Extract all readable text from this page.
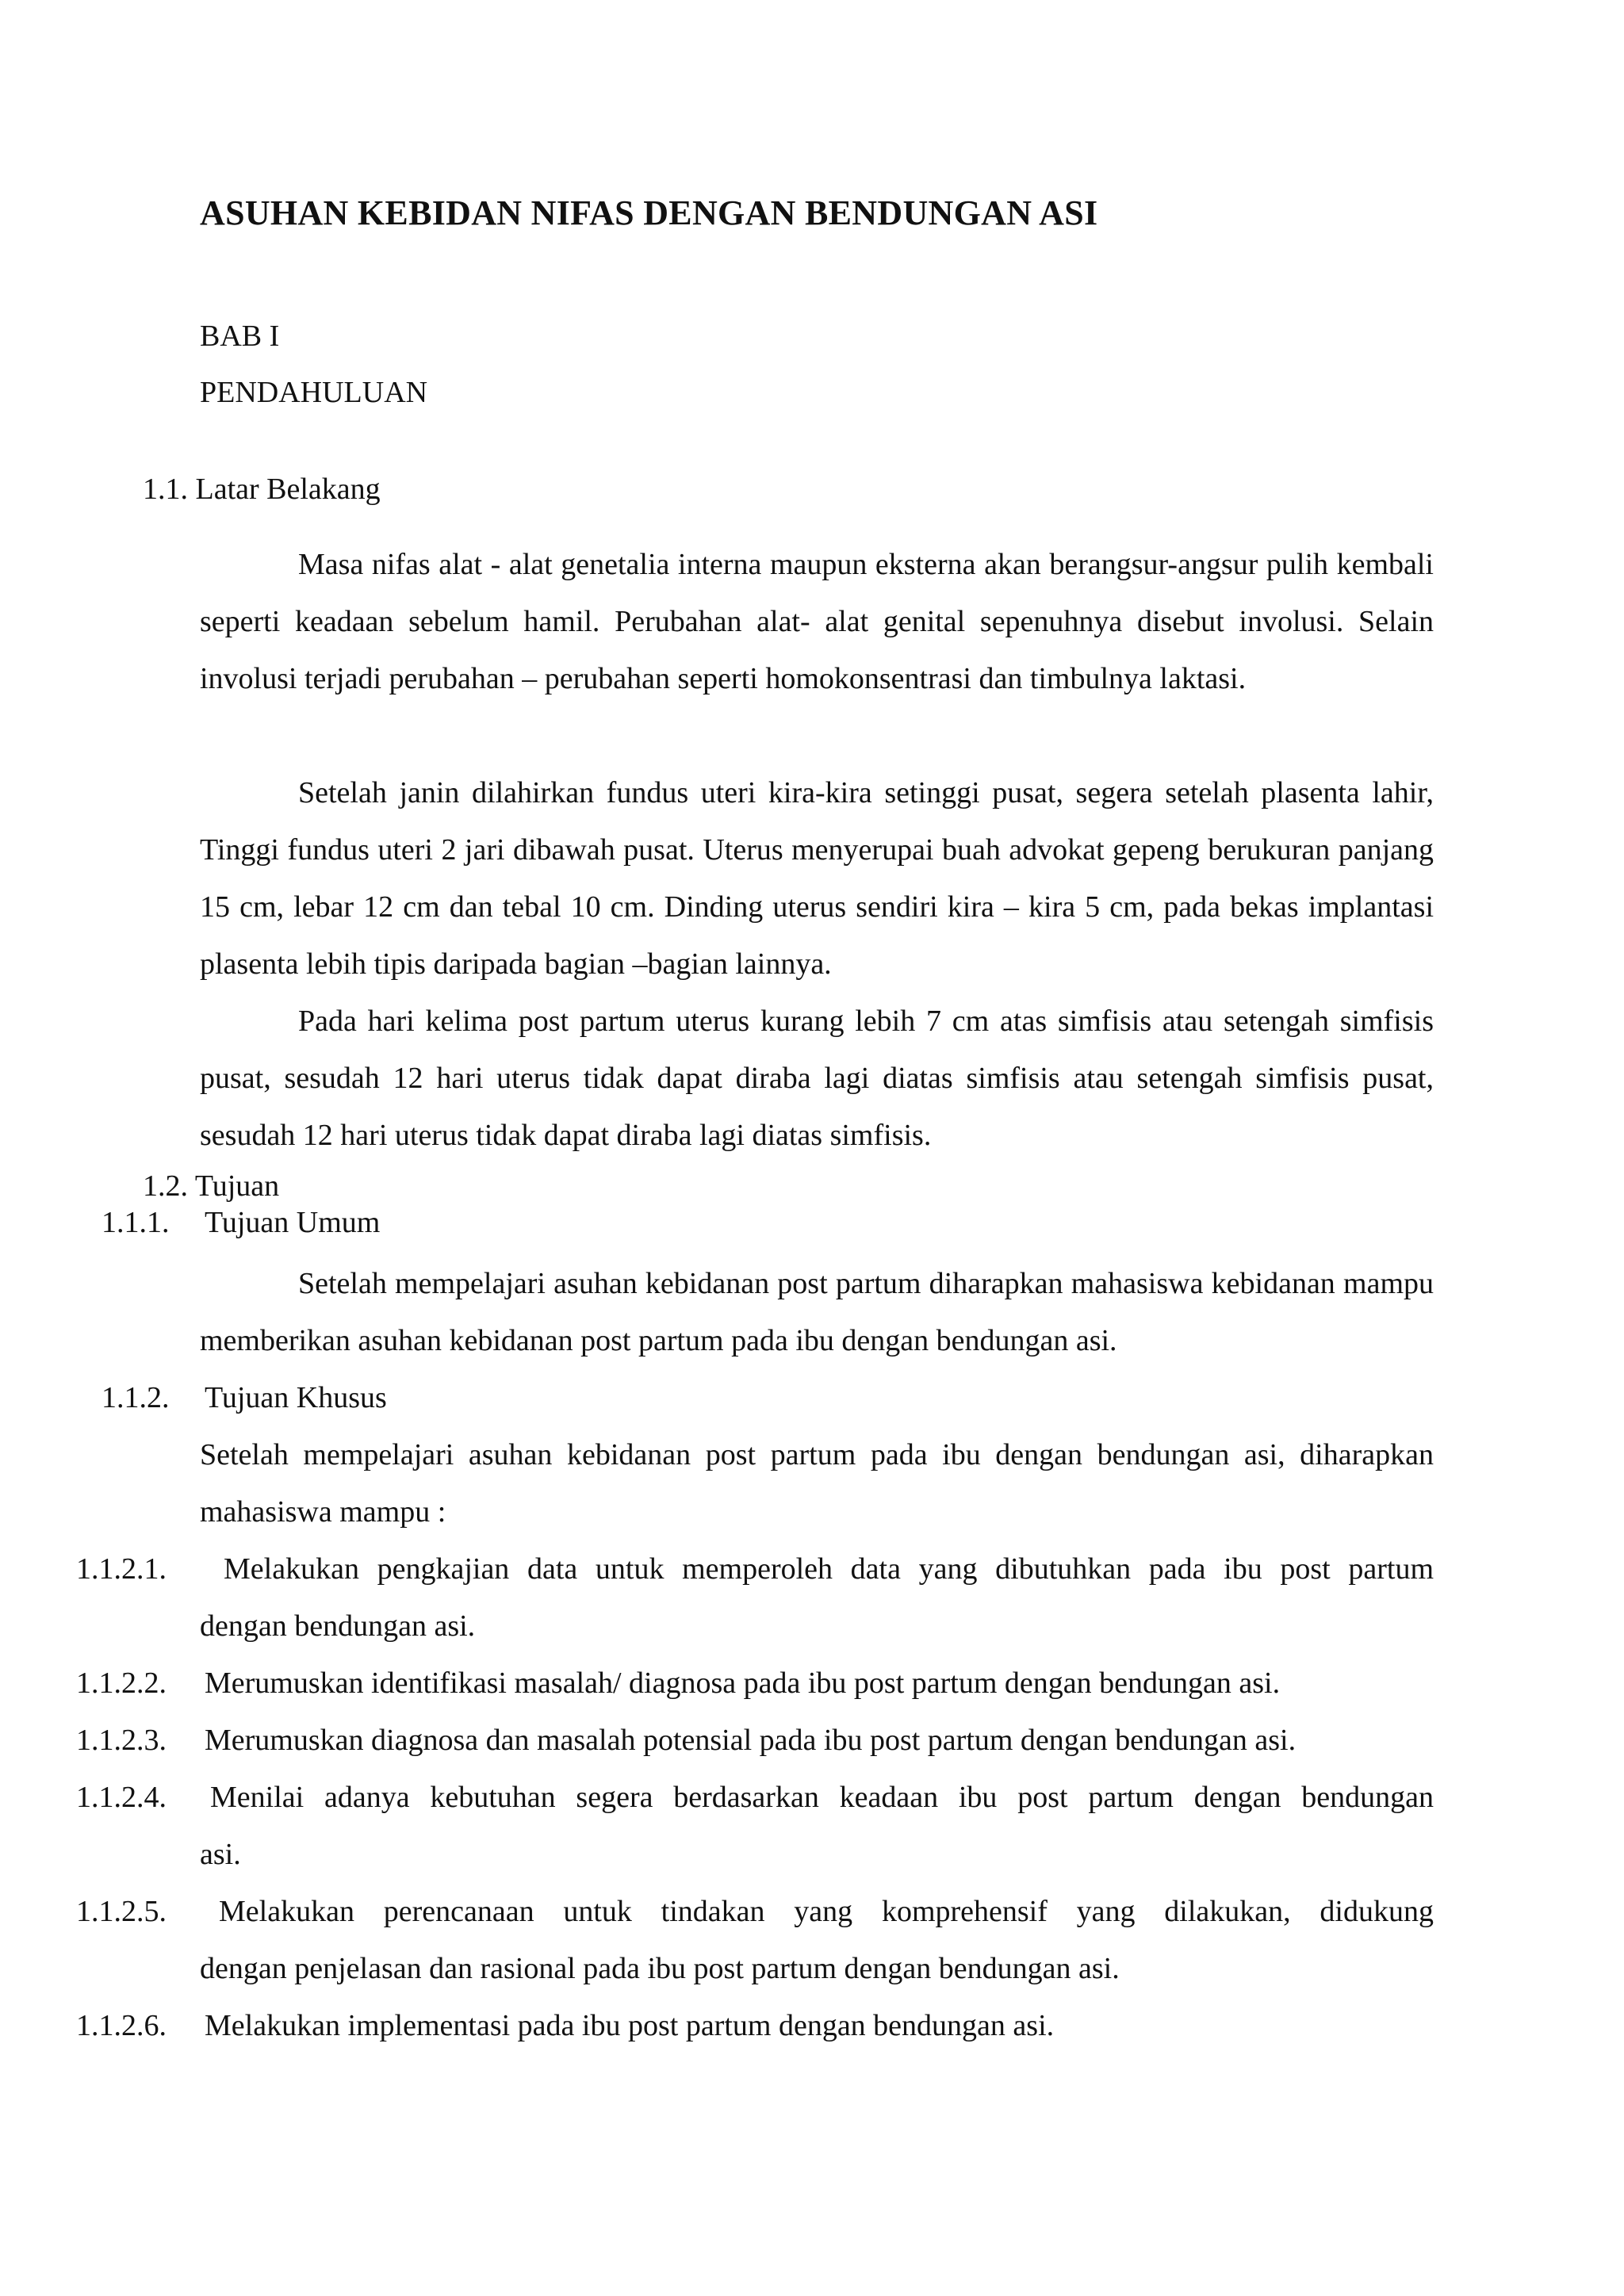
ASUHAN KEBIDAN NIFAS DENGAN BENDUNGAN ASI
BAB I
PENDAHULUAN
1.1. Latar Belakang
Masa nifas alat - alat genetalia interna maupun eksterna akan berangsur-angsur pulih kembali seperti keadaan sebelum hamil. Perubahan alat- alat genital sepenuhnya disebut involusi. Selain involusi terjadi perubahan – perubahan seperti homokonsentrasi dan timbulnya laktasi.
Setelah janin dilahirkan fundus uteri kira-kira setinggi pusat, segera setelah plasenta lahir, Tinggi fundus uteri 2 jari dibawah pusat. Uterus menyerupai buah advokat gepeng berukuran panjang 15 cm, lebar 12 cm dan tebal 10 cm. Dinding uterus sendiri kira – kira 5 cm, pada bekas implantasi plasenta lebih tipis daripada bagian –bagian lainnya.
Pada hari kelima post partum uterus kurang lebih 7 cm atas simfisis atau setengah simfisis pusat, sesudah 12 hari uterus tidak dapat diraba lagi diatas simfisis atau setengah simfisis pusat, sesudah 12 hari uterus tidak dapat diraba lagi diatas simfisis.
1.2. Tujuan
1.1.1. Tujuan Umum
Setelah mempelajari asuhan kebidanan post partum diharapkan mahasiswa kebidanan mampu memberikan asuhan kebidanan post partum pada ibu dengan bendungan asi.
1.1.2. Tujuan Khusus
Setelah mempelajari asuhan kebidanan post partum pada ibu dengan bendungan asi, diharapkan mahasiswa mampu :
1.1.2.1. Melakukan pengkajian data untuk memperoleh data yang dibutuhkan pada ibu post partum
dengan bendungan asi.
1.1.2.2. Merumuskan identifikasi masalah/ diagnosa pada ibu post partum dengan bendungan asi.
1.1.2.3. Merumuskan diagnosa dan masalah potensial pada ibu post partum dengan bendungan asi.
1.1.2.4. Menilai adanya kebutuhan segera berdasarkan keadaan ibu post partum dengan bendungan
asi.
1.1.2.5. Melakukan perencanaan untuk tindakan yang komprehensif yang dilakukan, didukung
dengan penjelasan dan rasional pada ibu post partum dengan bendungan asi.
1.1.2.6. Melakukan implementasi pada ibu post partum dengan bendungan asi.
